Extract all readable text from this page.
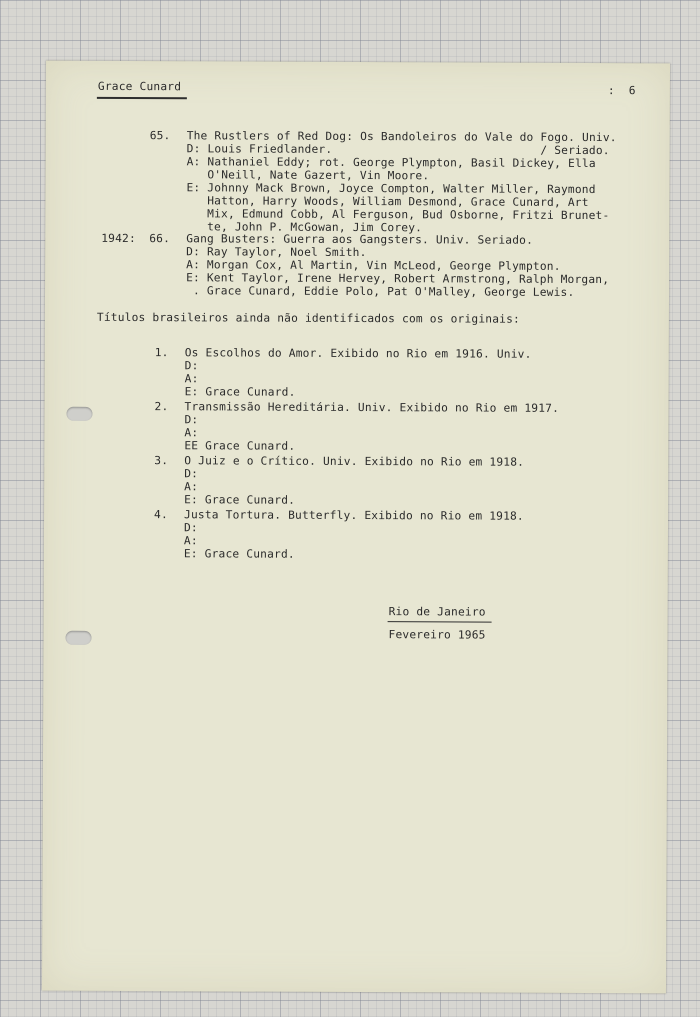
Grace Cunard	:  6
65. The Rustlers of Red Dog: Os Bandoleiros do Vale do Fogo. Univ.
D: Louis Friedlander.                              / Seriado.
A: Nathaniel Eddy; rot. George Plympton, Basil Dickey, Ella
O'Neill, Nate Gazert, Vin Moore.
E: Johnny Mack Brown, Joyce Compton, Walter Miller, Raymond
Hatton, Harry Woods, William Desmond, Grace Cunard, Art
Mix, Edmund Cobb, Al Ferguson, Bud Osborne, Fritzi Brunet-
te, John P. McGowan, Jim Corey.
1942: 66. Gang Busters: Guerra aos Gangsters. Univ. Seriado.
D: Ray Taylor, Noel Smith.
A: Morgan Cox, Al Martin, Vin McLeod, George Plympton.
E: Kent Taylor, Irene Hervey, Robert Armstrong, Ralph Morgan,
. Grace Cunard, Eddie Polo, Pat O'Malley, George Lewis.
Títulos brasileiros ainda não identificados com os originais:
1. Os Escolhos do Amor. Exibido no Rio em 1916. Univ.
D:
A:
E: Grace Cunard.
2. Transmissão Hereditária. Univ. Exibido no Rio em 1917.
D:
A:
EE Grace Cunard.
3. O Juiz e o Crítico. Univ. Exibido no Rio em 1918.
D:
A:
E: Grace Cunard.
4. Justa Tortura. Butterfly. Exibido no Rio em 1918.
D:
A:
E: Grace Cunard.
Rio de Janeiro
Fevereiro 1965
